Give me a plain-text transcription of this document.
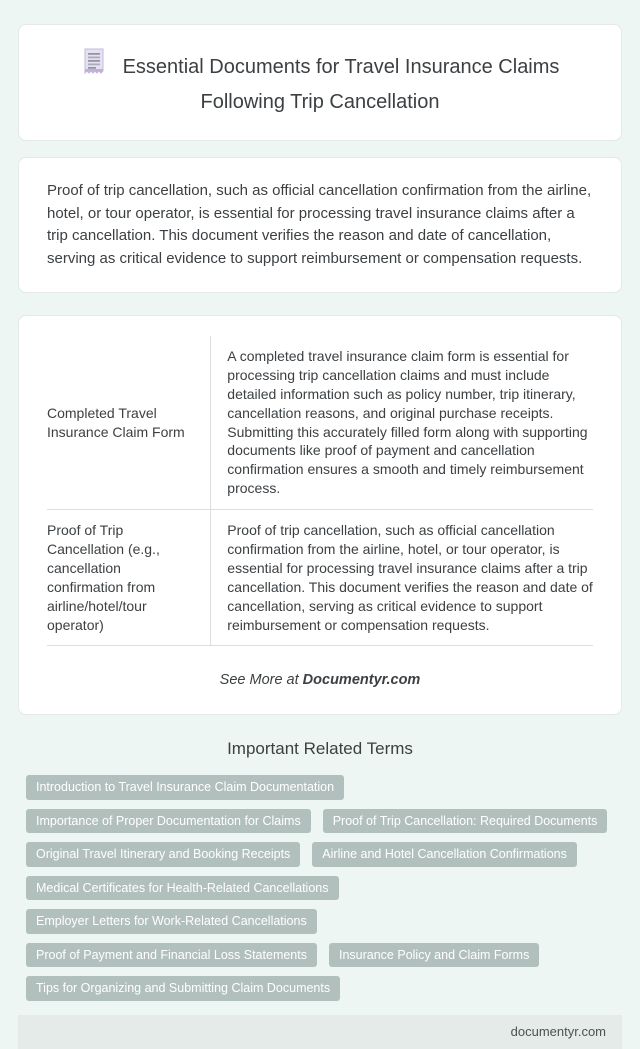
Essential Documents for Travel Insurance Claims Following Trip Cancellation

Proof of trip cancellation, such as official cancellation confirmation from the airline, hotel, or tour operator, is essential for processing travel insurance claims after a trip cancellation. This document verifies the reason and date of cancellation, serving as critical evidence to support reimbursement or compensation requests.

Completed Travel Insurance Claim Form	A completed travel insurance claim form is essential for processing trip cancellation claims and must include detailed information such as policy number, trip itinerary, cancellation reasons, and original purchase receipts. Submitting this accurately filled form along with supporting documents like proof of payment and cancellation confirmation ensures a smooth and timely reimbursement process.
Proof of Trip Cancellation (e.g., cancellation confirmation from airline/hotel/tour operator)	Proof of trip cancellation, such as official cancellation confirmation from the airline, hotel, or tour operator, is essential for processing travel insurance claims after a trip cancellation. This document verifies the reason and date of cancellation, serving as critical evidence to support reimbursement or compensation requests.
See More at Documentyr.com
Important Related Terms
Introduction to Travel Insurance Claim Documentation
Importance of Proper Documentation for Claims	Proof of Trip Cancellation: Required Documents
Original Travel Itinerary and Booking Receipts	Airline and Hotel Cancellation Confirmations
Medical Certificates for Health-Related Cancellations
Employer Letters for Work-Related Cancellations
Proof of Payment and Financial Loss Statements	Insurance Policy and Claim Forms
Tips for Organizing and Submitting Claim Documents
documentyr.com
